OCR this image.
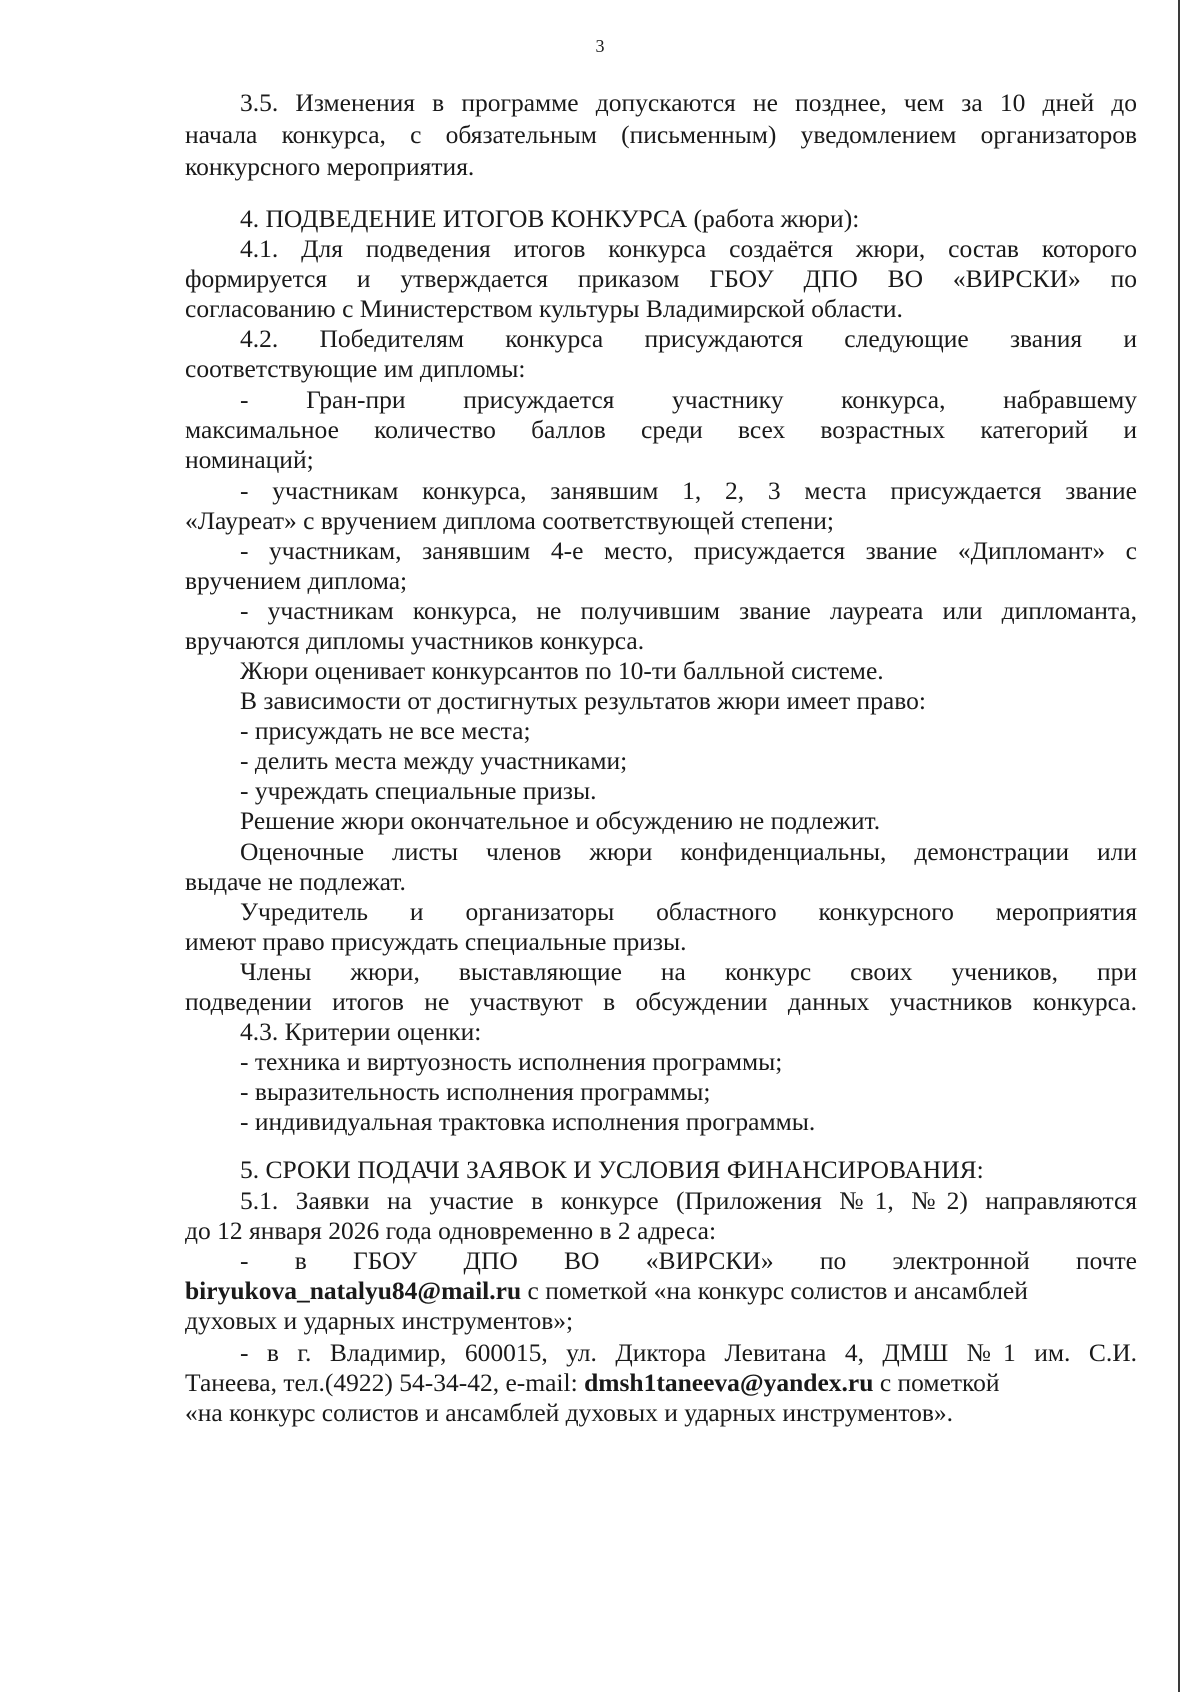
3
3.5. Изменения в программе допускаются не позднее, чем за 10 дней до
начала конкурса, с обязательным (письменным) уведомлением организаторов
конкурсного мероприятия.
4. ПОДВЕДЕНИЕ ИТОГОВ КОНКУРСА (работа жюри):
4.1. Для подведения итогов конкурса создаётся жюри, состав которого
формируется и утверждается приказом ГБОУ ДПО ВО «ВИРСКИ» по
согласованию с Министерством культуры Владимирской области.
4.2. Победителям конкурса присуждаются следующие звания и
соответствующие им дипломы:
- Гран-при присуждается участнику конкурса, набравшему
максимальное количество баллов среди всех возрастных категорий и
номинаций;
- участникам конкурса, занявшим 1, 2, 3 места присуждается звание
«Лауреат» с вручением диплома соответствующей степени;
- участникам, занявшим 4-е место, присуждается звание «Дипломант» с
вручением диплома;
- участникам конкурса, не получившим звание лауреата или дипломанта,
вручаются дипломы участников конкурса.
Жюри оценивает конкурсантов по 10-ти балльной системе.
В зависимости от достигнутых результатов жюри имеет право:
- присуждать не все места;
- делить места между участниками;
- учреждать специальные призы.
Решение жюри окончательное и обсуждению не подлежит.
Оценочные листы членов жюри конфиденциальны, демонстрации или
выдаче не подлежат.
Учредитель и организаторы областного конкурсного мероприятия
имеют право присуждать специальные призы.
Члены жюри, выставляющие на конкурс своих учеников, при
подведении итогов не участвуют в обсуждении данных участников конкурса.
4.3. Критерии оценки:
- техника и виртуозность исполнения программы;
- выразительность исполнения программы;
- индивидуальная трактовка исполнения программы.
5. СРОКИ ПОДАЧИ ЗАЯВОК И УСЛОВИЯ ФИНАНСИРОВАНИЯ:
5.1. Заявки на участие в конкурсе (Приложения №1, №2) направляются
до 12 января 2026 года одновременно в 2 адреса:
- в ГБОУ ДПО ВО «ВИРСКИ» по электронной почте
biryukova_natalyu84@mail.ru с пометкой «на конкурс солистов и ансамблей
духовых и ударных инструментов»;
- в г. Владимир, 600015, ул. Диктора Левитана 4, ДМШ №1 им. С.И.
Танеева, тел.(4922) 54-34-42, e-mail: dmsh1taneeva@yandex.ru с пометкой
«на конкурс солистов и ансамблей духовых и ударных инструментов».
